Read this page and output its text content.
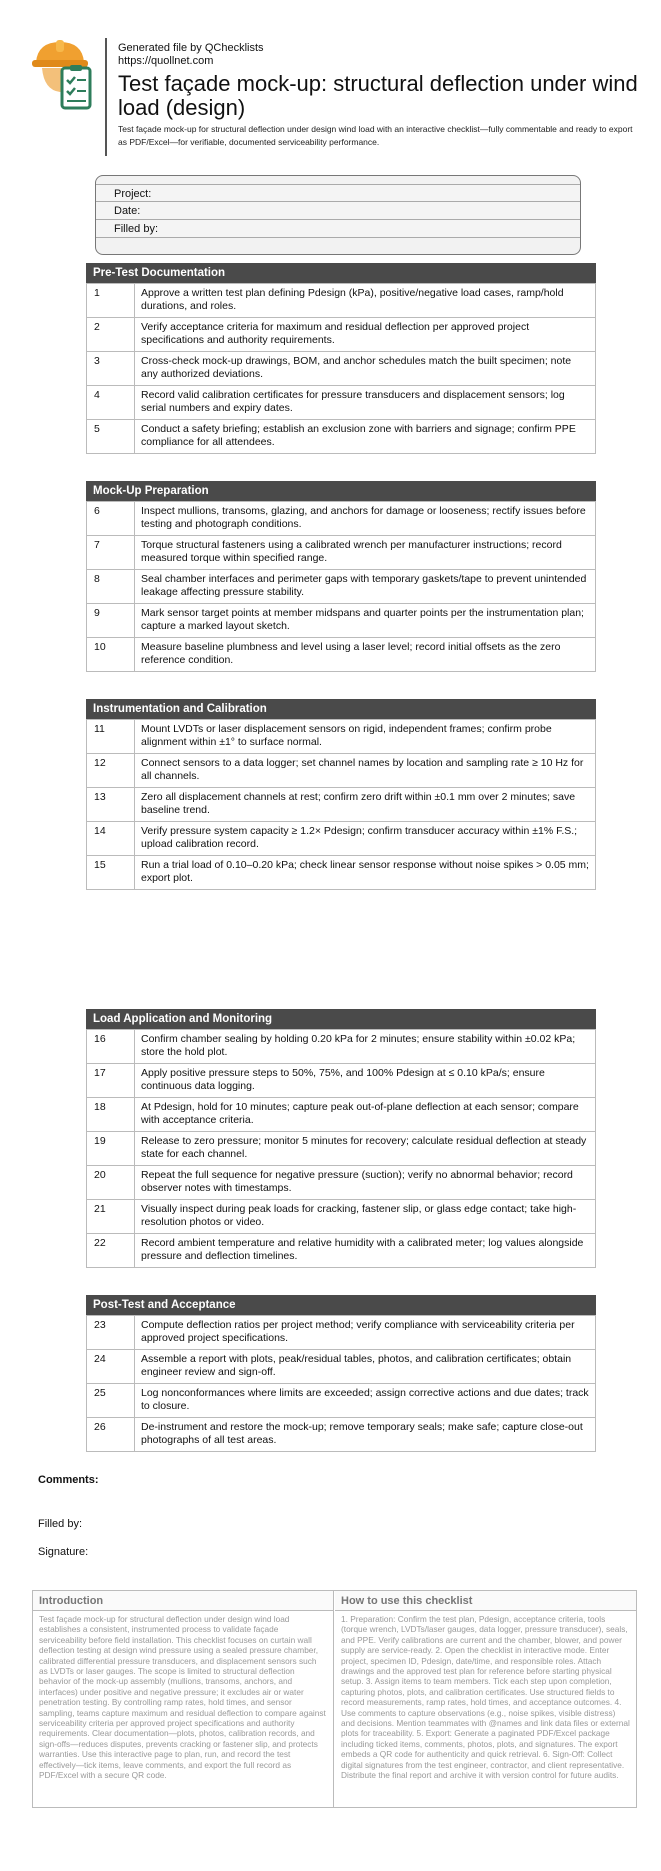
Generated file by QChecklists
https://quollnet.com
Test façade mock-up: structural deflection under wind load (design)

Test façade mock-up for structural deflection under design wind load with an interactive checklist—fully commentable and ready to export as PDF/Excel—for verifiable, documented serviceability performance.

Project:
Date:
Filled by:
Pre-Test Documentation
1	Approve a written test plan defining Pdesign (kPa), positive/negative load cases, ramp/hold durations, and roles.
2	Verify acceptance criteria for maximum and residual deflection per approved project specifications and authority requirements.
3	Cross-check mock-up drawings, BOM, and anchor schedules match the built specimen; note any authorized deviations.
4	Record valid calibration certificates for pressure transducers and displacement sensors; log serial numbers and expiry dates.
5	Conduct a safety briefing; establish an exclusion zone with barriers and signage; confirm PPE compliance for all attendees.
Mock-Up Preparation
6	Inspect mullions, transoms, glazing, and anchors for damage or looseness; rectify issues before testing and photograph conditions.
7	Torque structural fasteners using a calibrated wrench per manufacturer instructions; record measured torque within specified range.
8	Seal chamber interfaces and perimeter gaps with temporary gaskets/tape to prevent unintended leakage affecting pressure stability.
9	Mark sensor target points at member midspans and quarter points per the instrumentation plan; capture a marked layout sketch.
10	Measure baseline plumbness and level using a laser level; record initial offsets as the zero reference condition.
Instrumentation and Calibration
11	Mount LVDTs or laser displacement sensors on rigid, independent frames; confirm probe alignment within ±1° to surface normal.
12	Connect sensors to a data logger; set channel names by location and sampling rate ≥ 10 Hz for all channels.
13	Zero all displacement channels at rest; confirm zero drift within ±0.1 mm over 2 minutes; save baseline trend.
14	Verify pressure system capacity ≥ 1.2× Pdesign; confirm transducer accuracy within ±1% F.S.; upload calibration record.
15	Run a trial load of 0.10–0.20 kPa; check linear sensor response without noise spikes > 0.05 mm; export plot.
Load Application and Monitoring
16	Confirm chamber sealing by holding 0.20 kPa for 2 minutes; ensure stability within ±0.02 kPa; store the hold plot.
17	Apply positive pressure steps to 50%, 75%, and 100% Pdesign at ≤ 0.10 kPa/s; ensure continuous data logging.
18	At Pdesign, hold for 10 minutes; capture peak out-of-plane deflection at each sensor; compare with acceptance criteria.
19	Release to zero pressure; monitor 5 minutes for recovery; calculate residual deflection at steady state for each channel.
20	Repeat the full sequence for negative pressure (suction); verify no abnormal behavior; record observer notes with timestamps.
21	Visually inspect during peak loads for cracking, fastener slip, or glass edge contact; take high-resolution photos or video.
22	Record ambient temperature and relative humidity with a calibrated meter; log values alongside pressure and deflection timelines.
Post-Test and Acceptance
23	Compute deflection ratios per project method; verify compliance with serviceability criteria per approved project specifications.
24	Assemble a report with plots, peak/residual tables, photos, and calibration certificates; obtain engineer review and sign-off.
25	Log nonconformances where limits are exceeded; assign corrective actions and due dates; track to closure.
26	De-instrument and restore the mock-up; remove temporary seals; make safe; capture close-out photographs of all test areas.
Comments:
Filled by:
Signature:
Introduction
Test façade mock-up for structural deflection under design wind load establishes a consistent, instrumented process to validate façade serviceability before field installation. This checklist focuses on curtain wall deflection testing at design wind pressure using a sealed pressure chamber, calibrated differential pressure transducers, and displacement sensors such as LVDTs or laser gauges. The scope is limited to structural deflection behavior of the mock-up assembly (mullions, transoms, anchors, and interfaces) under positive and negative pressure; it excludes air or water penetration testing. By controlling ramp rates, hold times, and sensor sampling, teams capture maximum and residual deflection to compare against serviceability criteria per approved project specifications and authority requirements. Clear documentation—plots, photos, calibration records, and sign-offs—reduces disputes, prevents cracking or fastener slip, and protects warranties. Use this interactive page to plan, run, and record the test effectively—tick items, leave comments, and export the full record as PDF/Excel with a secure QR code.
How to use this checklist
1. Preparation: Confirm the test plan, Pdesign, acceptance criteria, tools (torque wrench, LVDTs/laser gauges, data logger, pressure transducer), seals, and PPE. Verify calibrations are current and the chamber, blower, and power supply are service-ready. 2. Open the checklist in interactive mode. Enter project, specimen ID, Pdesign, date/time, and responsible roles. Attach drawings and the approved test plan for reference before starting physical setup. 3. Assign items to team members. Tick each step upon completion, capturing photos, plots, and calibration certificates. Use structured fields to record measurements, ramp rates, hold times, and acceptance outcomes. 4. Use comments to capture observations (e.g., noise spikes, visible distress) and decisions. Mention teammates with @names and link data files or external plots for traceability. 5. Export: Generate a paginated PDF/Excel package including ticked items, comments, photos, plots, and signatures. The export embeds a QR code for authenticity and quick retrieval. 6. Sign-Off: Collect digital signatures from the test engineer, contractor, and client representative. Distribute the final report and archive it with version control for future audits.
